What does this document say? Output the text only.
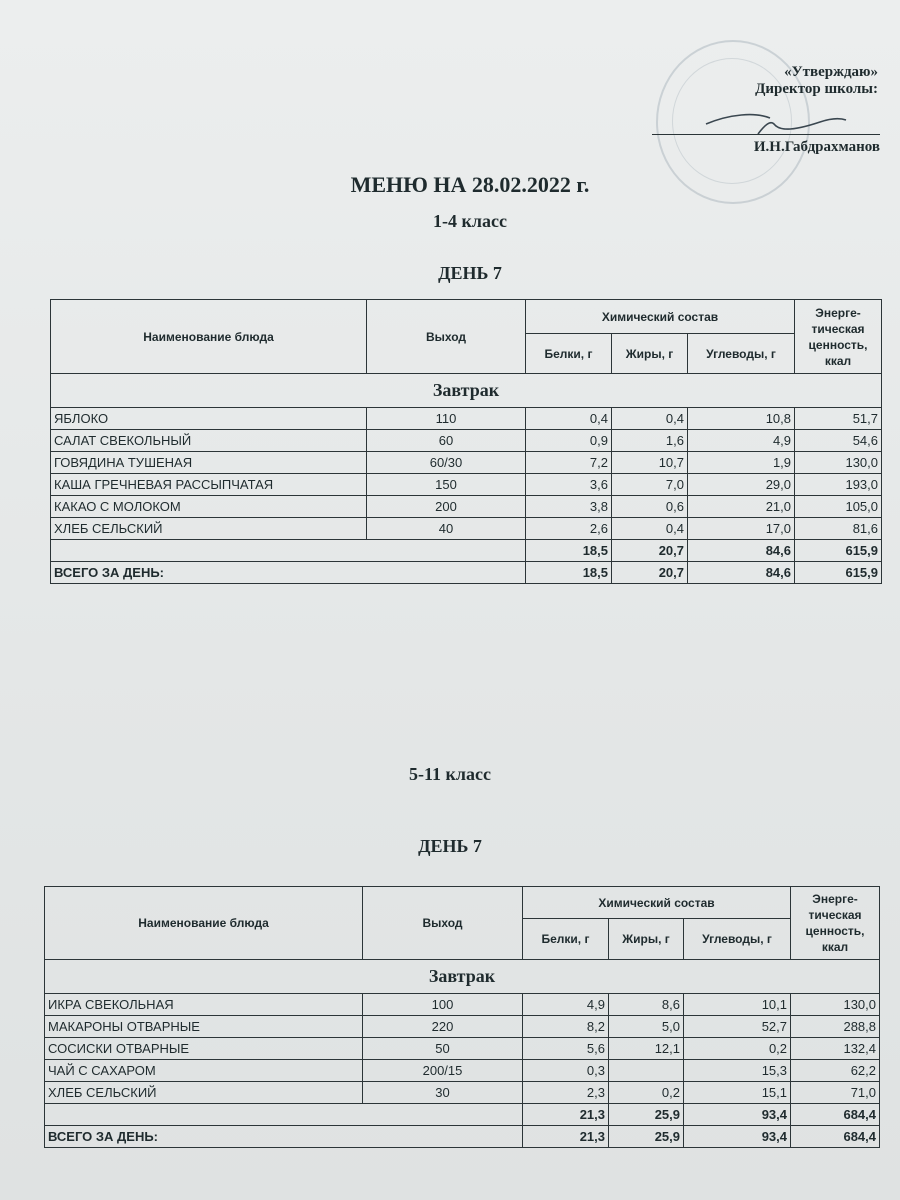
«Утверждаю»
Директор школы:
И.Н.Габдрахманов
МЕНЮ НА 28.02.2022 г.
1-4 класс
ДЕНЬ 7
Наименование блюда	Выход	Химический состав			Энерге-тическая ценность, ккал
		Белки, г	Жиры, г	Углеводы, г	
Завтрак					
ЯБЛОКО	110	0,4	0,4	10,8	51,7
САЛАТ СВЕКОЛЬНЫЙ	60	0,9	1,6	4,9	54,6
ГОВЯДИНА ТУШЕНАЯ	60/30	7,2	10,7	1,9	130,0
КАША ГРЕЧНЕВАЯ РАССЫПЧАТАЯ	150	3,6	7,0	29,0	193,0
КАКАО С МОЛОКОМ	200	3,8	0,6	21,0	105,0
ХЛЕБ СЕЛЬСКИЙ	40	2,6	0,4	17,0	81,6
		18,5	20,7	84,6	615,9
ВСЕГО ЗА ДЕНЬ:		18,5	20,7	84,6	615,9
5-11 класс
ДЕНЬ 7
Наименование блюда	Выход	Химический состав			Энерге-тическая ценность, ккал
		Белки, г	Жиры, г	Углеводы, г	
Завтрак					
ИКРА СВЕКОЛЬНАЯ	100	4,9	8,6	10,1	130,0
МАКАРОНЫ ОТВАРНЫЕ	220	8,2	5,0	52,7	288,8
СОСИСКИ ОТВАРНЫЕ	50	5,6	12,1	0,2	132,4
ЧАЙ С САХАРОМ	200/15	0,3		15,3	62,2
ХЛЕБ СЕЛЬСКИЙ	30	2,3	0,2	15,1	71,0
		21,3	25,9	93,4	684,4
ВСЕГО ЗА ДЕНЬ:		21,3	25,9	93,4	684,4
